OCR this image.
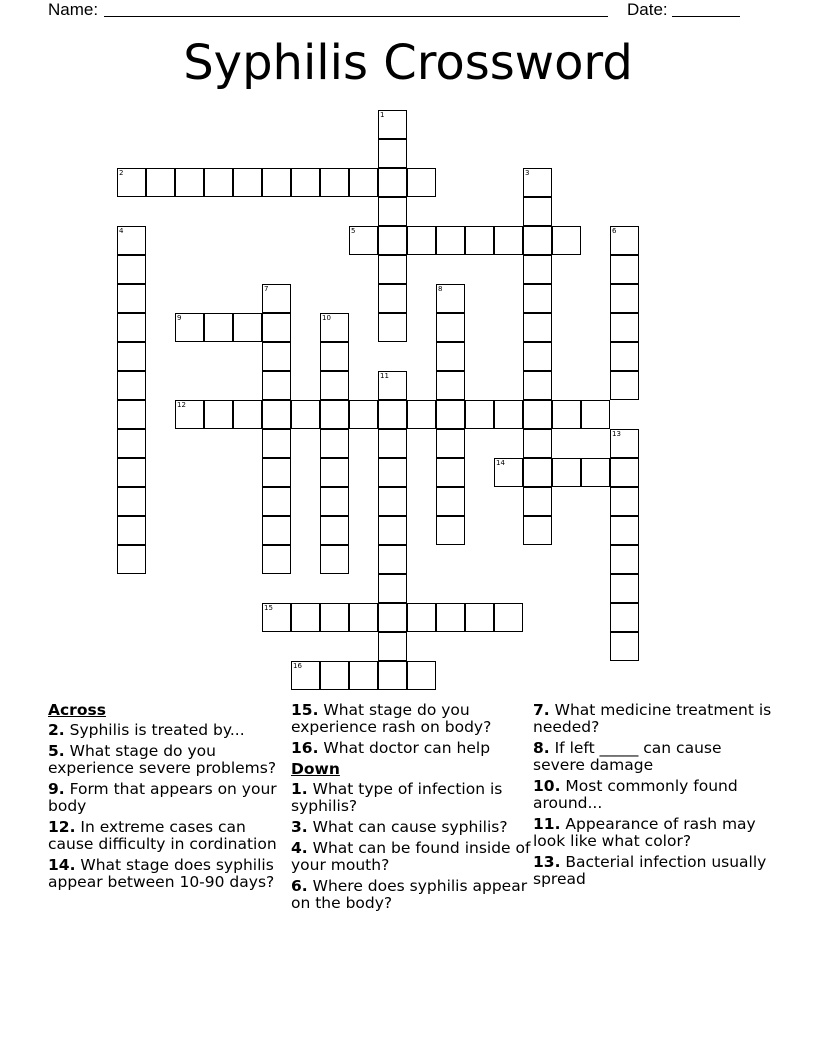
Name:	Date:
Syphilis Crossword
1
2	3
4	5	6
7	8
9	10
11
12
13
14
15
16
Across
2. Syphilis is treated by...
5. What stage do you experience severe problems?
9. Form that appears on your body
12. In extreme cases can cause difficulty in cordination
14. What stage does syphilis appear between 10-90 days?
15. What stage do you experience rash on body?
16. What doctor can help
Down
1. What type of infection is syphilis?
3. What can cause syphilis?
4. What can be found inside of your mouth?
6. Where does syphilis appear on the body?
7. What medicine treatment is needed?
8. If left _____ can cause severe damage
10. Most commonly found around...
11. Appearance of rash may look like what color?
13. Bacterial infection usually spread
